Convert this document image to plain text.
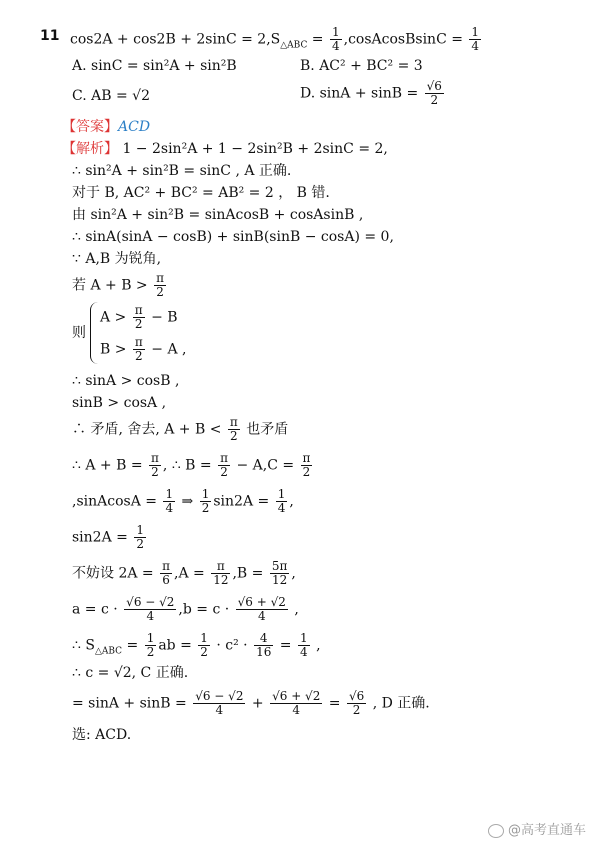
11 $\cos 2A + \cos 2B + 2\sin C = 2,S_{\triangle ABC} = \frac{1}{4}$ ,cosAcosBsinC = $\frac{1}{4}$
A. sinC = sin²A + sin²B	B. AC² + BC² = 3
C. AB = √2	D. $\sin A + \sin B = \frac{√6}{2}$
【答案】ACD
【解析】 1 − 2sin²A + 1 − 2sin²B + 2sinC = 2,
∴ sin²A + sin²B = sinC , A 正确.
对于 B, AC² + BC² = AB² = 2 ， B 错.
由 sin²A + sin²B = sinAcosB + cosAsinB ,
∴ sinA(sinA − cosB) + sinB(sinB − cosA) = 0,
∵ A,B 为锐角,
若 $A + B > \frac{\pi}{2}$
则
$A > \frac{\pi}{2} - B$
$B > \frac{\pi}{2} - A$ ,
∴ sinA > cosB ,
sinB > cosA ,
∴ 矛盾, 舍去, $A + B < \frac{\pi}{2}$ 也矛盾
∴ $A + B = \frac{\pi}{2}$ , ∴ $B = \frac{\pi}{2} - A,C = \frac{\pi}{2}$
,sinAcosA = $\frac{1}{4}$ ⇒ $\frac{1}{2} \sin 2A = \frac{1}{4}$ ,
$\sin 2A = \frac{1}{2}$
不妨设 $2A = \frac{\pi}{6} ,A = \frac{\pi}{12} ,B = \frac{5\pi}{12}$ ,
$a = c \cdot \frac{√6 - √2}{4} ,b = c \cdot \frac{√6 + √2}{4}$ ,
∴ $S_{\triangle ABC} = \frac{1}{2}$ ab = $\frac{1}{2} \cdot c^2 \cdot \frac{4}{16} = \frac{1}{4}$ ,
∴ c = √2, C 正确.
= $\sin A + \sin B = \frac{√6 - √2}{4} + \frac{√6 + √2}{4} = \frac{√6}{2}$ , D 正确.
选: ACD.
@高考直通车
